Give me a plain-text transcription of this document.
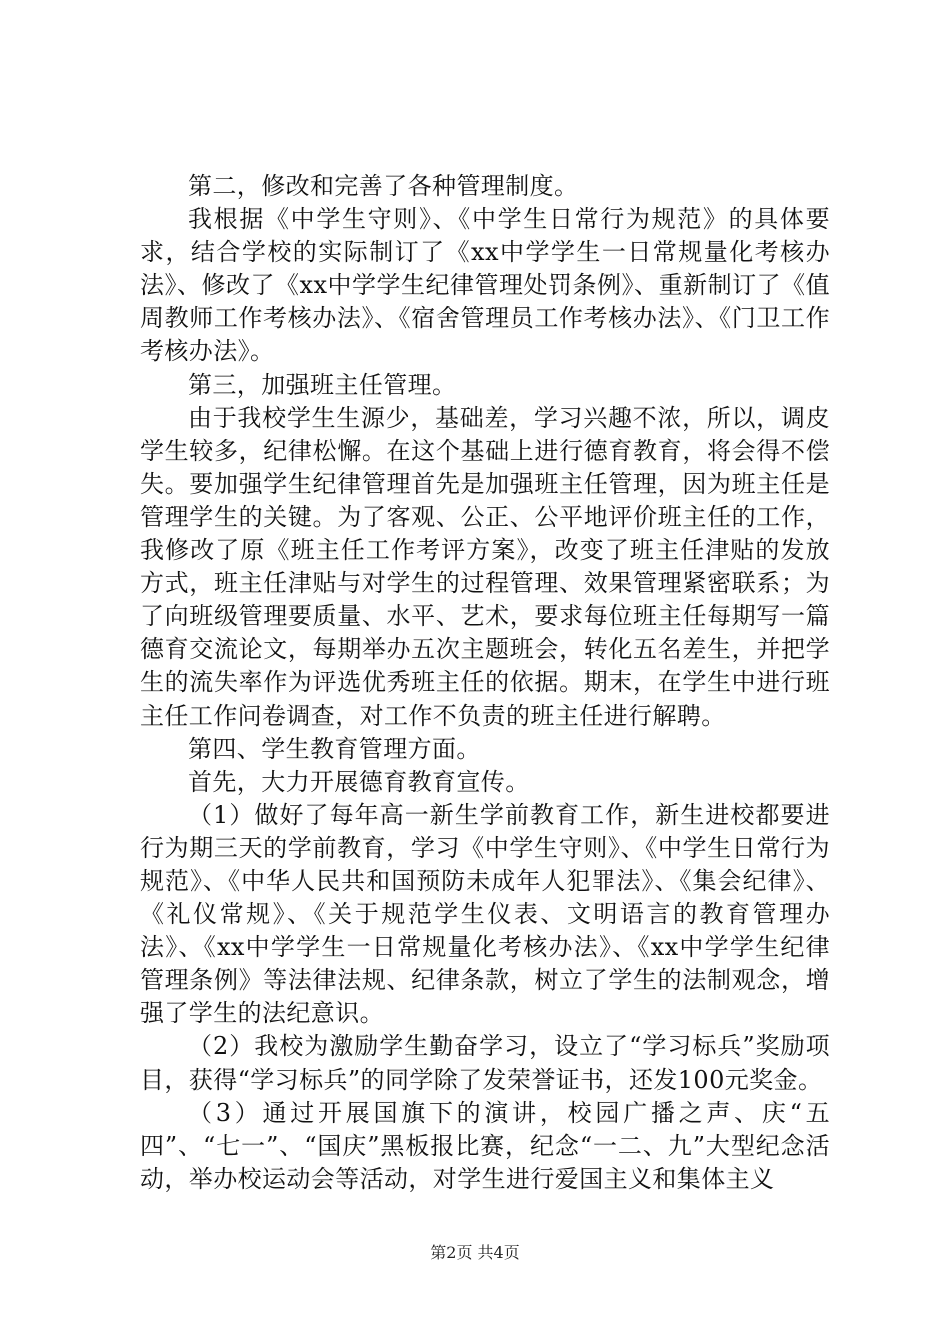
第二，修改和完善了各种管理制度。

我根据《中学生守则》、《中学生日常行为规范》的具体要求，结合学校的实际制订了《xx中学学生一日常规量化考核办法》、修改了《xx中学学生纪律管理处罚条例》、重新制订了《值周教师工作考核办法》、《宿舍管理员工作考核办法》、《门卫工作考核办法》。

第三，加强班主任管理。

由于我校学生生源少，基础差，学习兴趣不浓，所以，调皮学生较多，纪律松懈。在这个基础上进行德育教育，将会得不偿失。要加强学生纪律管理首先是加强班主任管理，因为班主任是管理学生的关键。为了客观、公正、公平地评价班主任的工作，我修改了原《班主任工作考评方案》，改变了班主任津贴的发放方式，班主任津贴与对学生的过程管理、效果管理紧密联系；为了向班级管理要质量、水平、艺术，要求每位班主任每期写一篇德育交流论文，每期举办五次主题班会，转化五名差生，并把学生的流失率作为评选优秀班主任的依据。期末，在学生中进行班主任工作问卷调查，对工作不负责的班主任进行解聘。

第四、学生教育管理方面。

首先，大力开展德育教育宣传。

（1）做好了每年高一新生学前教育工作，新生进校都要进行为期三天的学前教育，学习《中学生守则》、《中学生日常行为规范》、《中华人民共和国预防未成年人犯罪法》、《集会纪律》、《礼仪常规》、《关于规范学生仪表、文明语言的教育管理办法》、《xx中学学生一日常规量化考核办法》、《xx中学学生纪律管理条例》等法律法规、纪律条款，树立了学生的法制观念，增强了学生的法纪意识。

（2）我校为激励学生勤奋学习，设立了“学习标兵”奖励项目，获得“学习标兵”的同学除了发荣誉证书，还发100元奖金。

（3）通过开展国旗下的演讲，校园广播之声、庆“五四”、“七一”、“国庆”黑板报比赛，纪念“一二、九”大型纪念活动，举办校运动会等活动，对学生进行爱国主义和集体主义

第2页 共4页
